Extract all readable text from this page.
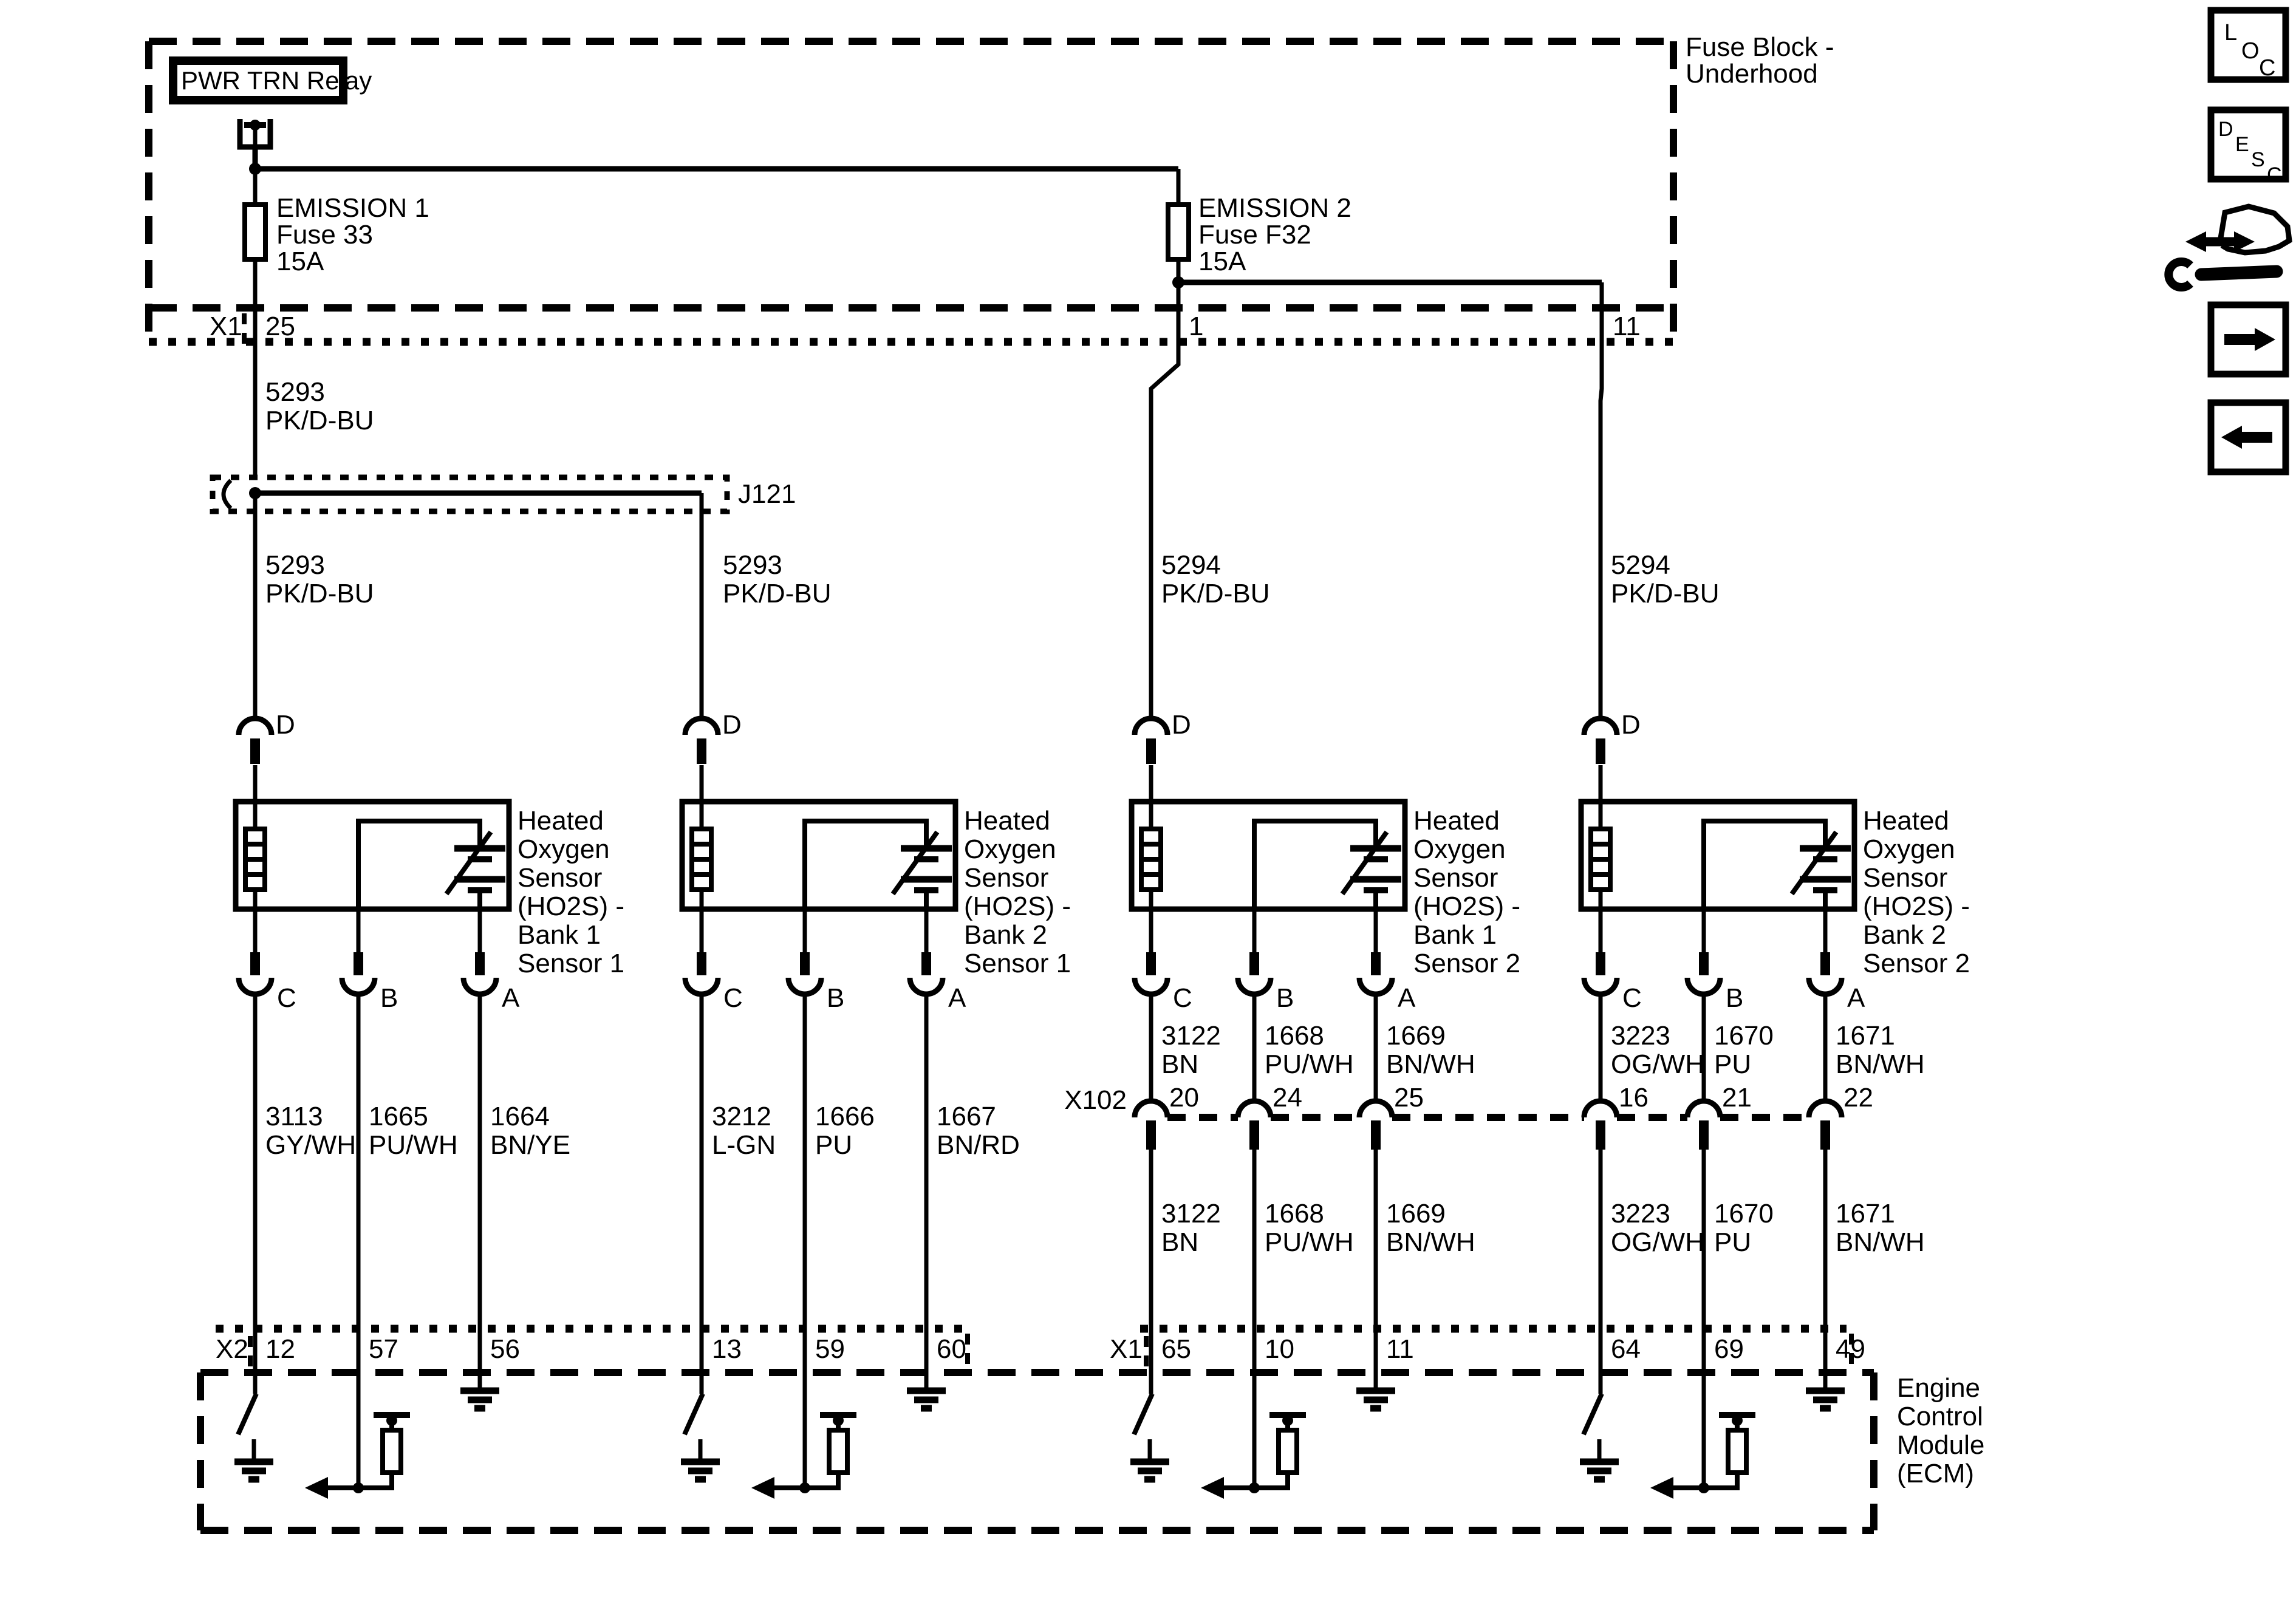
Fuse Block -
Underhood
PWR TRN Relay
EMISSION 1
Fuse 33
15A
EMISSION 2
Fuse F32
15A
X1 25	1	11
5293
PK/D-BU
J121
5293
PK/D-BU
5293
PK/D-BU
5294
PK/D-BU
5294
PK/D-BU
D
C	B	A
Heated
Oxygen
Sensor
(HO2S) -
Bank 1
Sensor 1
D
C	B	A
Heated
Oxygen
Sensor
(HO2S) -
Bank 2
Sensor 1
D
C	B	A
Heated
Oxygen
Sensor
(HO2S) -
Bank 1
Sensor 2
D
C	B	A
Heated
Oxygen
Sensor
(HO2S) -
Bank 2
Sensor 2
3113
GY/WH
1665
PU/WH
1664
BN/YE
3212
L-GN
1666
PU
1667
BN/RD
3122
BN
1668
PU/WH
1669
BN/WH
3223
OG/WH
1670
PU
1671
BN/WH
X102 20	24	25	16	21	22
3122
BN
1668
PU/WH
1669
BN/WH
3223
OG/WH
1670
PU
1671
BN/WH
X2 12	57	56	13	59	60	X1 65	10	11	64	69	49
Engine
Control
Module
(ECM)
L
O
C
D
E
S
C
